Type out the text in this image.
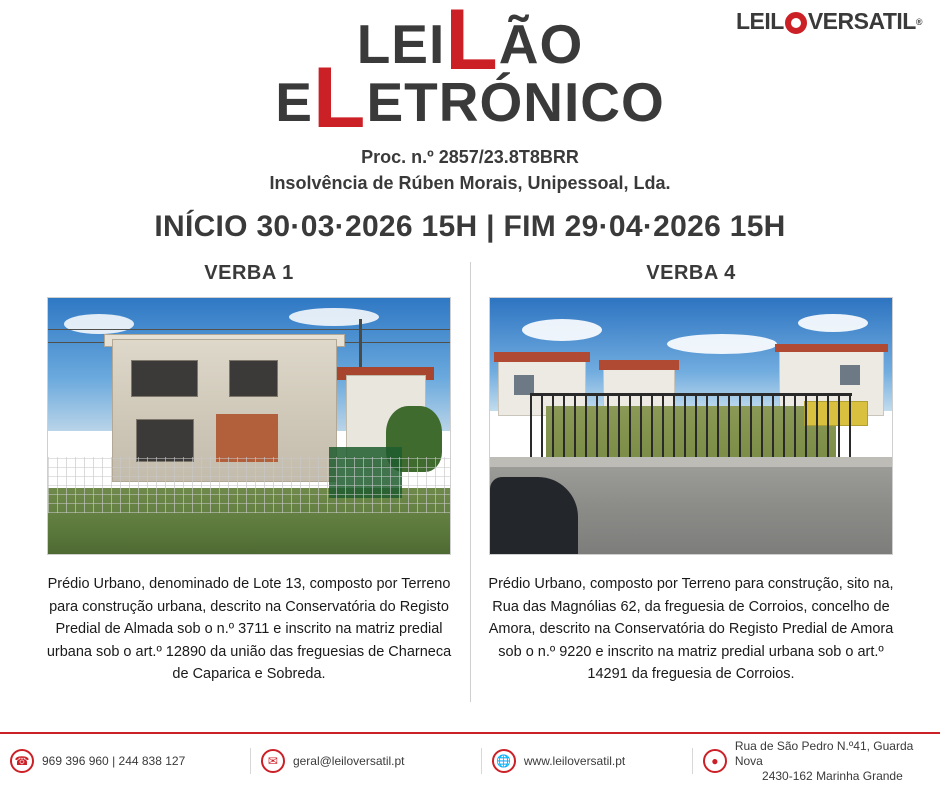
LEIL VERSATIL ®
LEILÃO
ELETRÓNICO
Proc. n.º 2857/23.8T8BRR
Insolvência de Rúben Morais, Unipessoal, Lda.
INÍCIO 30·03·2026 15H | FIM 29·04·2026 15H
VERBA 1
Prédio Urbano, denominado de Lote 13, composto por Terreno para construção urbana, descrito na Conservatória do Registo Predial de Almada sob o n.º 3711 e inscrito na matriz predial urbana sob o art.º 12890 da união das freguesias de Charneca de Caparica e Sobreda.
VERBA 4
Prédio Urbano, composto por Terreno para construção, sito na, Rua das Magnólias 62, da freguesia de Corroios, concelho de Amora, descrito na Conservatória do Registo Predial de Amora sob o n.º 9220 e inscrito na matriz predial urbana sob o art.º 14291 da freguesia de Corroios.
☎	969 396 960 | 244 838 127	✉	geral@leiloversatil.pt	🌐	www.leiloversatil.pt	●
Rua de São Pedro N.º41, Guarda Nova
2430-162 Marinha Grande
